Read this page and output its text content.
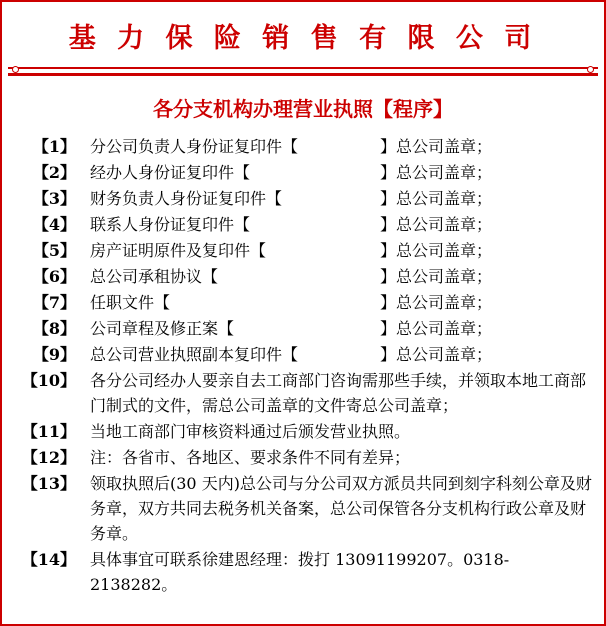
基 力 保 险 销 售 有 限 公 司
各分支机构办理营业执照【程序】
【1】 分公司负责人身份证复印件【	】总公司盖章；
【2】 经办人身份证复印件【	】总公司盖章；
【3】 财务负责人身份证复印件【	】总公司盖章；
【4】 联系人身份证复印件【	】总公司盖章；
【5】 房产证明原件及复印件【	】总公司盖章；
【6】 总公司承租协议【	】总公司盖章；
【7】 任职文件【	】总公司盖章；
【8】 公司章程及修正案【	】总公司盖章；
【9】 总公司营业执照副本复印件【	】总公司盖章；
【10】 各分公司经办人要亲自去工商部门咨询需那些手续，并领取本地工商部门制式的文件，需总公司盖章的文件寄总公司盖章；
【11】 当地工商部门审核资料通过后颁发营业执照。
【12】 注：各省市、各地区、要求条件不同有差异；
【13】 领取执照后(30 天内)总公司与分公司双方派员共同到刻字科刻公章及财务章，双方共同去税务机关备案，总公司保管各分支机构行政公章及财务章。
【14】 具体事宜可联系徐建恩经理：拨打 13091199207。0318-2138282。
